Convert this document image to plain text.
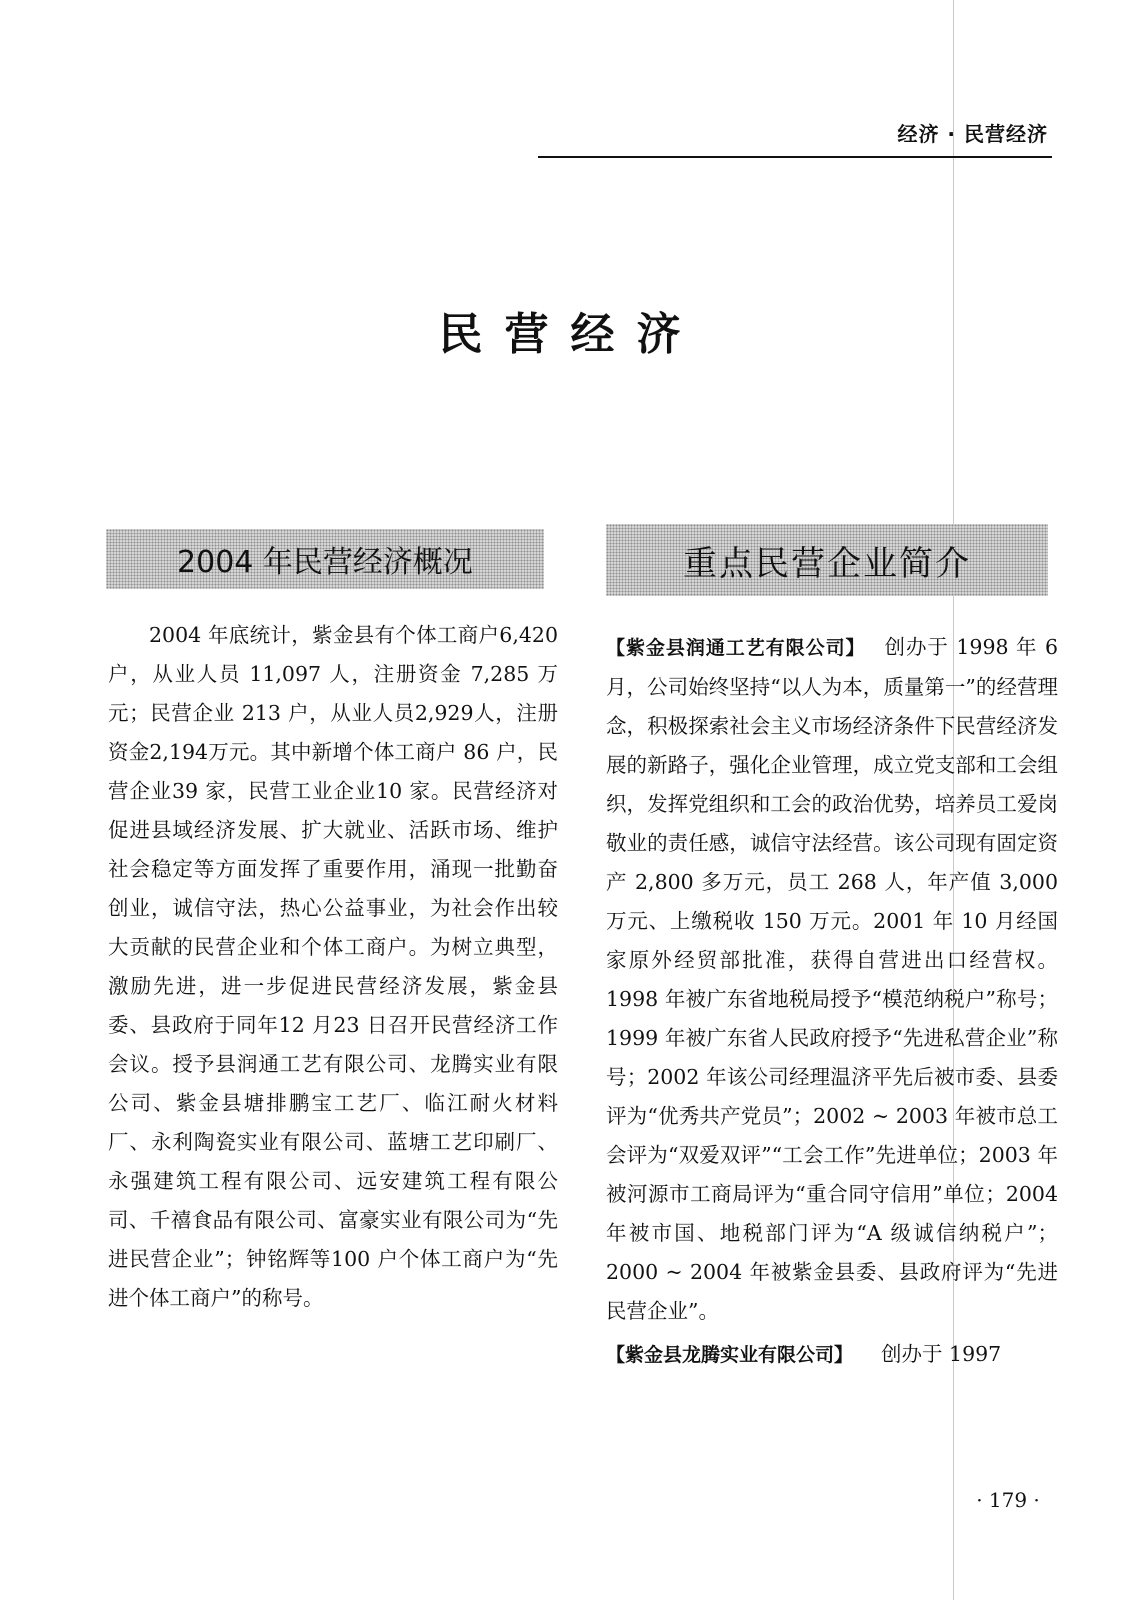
经济 · 民营经济
民营经济
2004 年民营经济概况	重点民营企业简介

2004 年底统计，紫金县有个体工商户6,420户，从业人员 11,097 人，注册资金 7,285 万元；民营企业 213 户，从业人员2,929人，注册资金2,194万元。其中新增个体工商户 86 户，民营企业39 家，民营工业企业10 家。民营经济对促进县域经济发展、扩大就业、活跃市场、维护社会稳定等方面发挥了重要作用，涌现一批勤奋创业，诚信守法，热心公益事业，为社会作出较大贡献的民营企业和个体工商户。为树立典型，激励先进，进一步促进民营经济发展，紫金县委、县政府于同年12 月23 日召开民营经济工作会议。授予县润通工艺有限公司、龙腾实业有限公司、紫金县塘排鹏宝工艺厂、临江耐火材料厂、永利陶瓷实业有限公司、蓝塘工艺印刷厂、永强建筑工程有限公司、远安建筑工程有限公司、千禧食品有限公司、富豪实业有限公司为“先进民营企业”；钟铭辉等100 户个体工商户为“先进个体工商户”的称号。

【紫金县润通工艺有限公司】 创办于 1998 年 6 月，公司始终坚持“以人为本，质量第一”的经营理念，积极探索社会主义市场经济条件下民营经济发展的新路子，强化企业管理，成立党支部和工会组织，发挥党组织和工会的政治优势，培养员工爱岗敬业的责任感，诚信守法经营。该公司现有固定资产 2,800 多万元，员工 268 人，年产值 3,000 万元、上缴税收 150 万元。2001 年 10 月经国家原外经贸部批准，获得自营进出口经营权。1998 年被广东省地税局授予“模范纳税户”称号；1999 年被广东省人民政府授予“先进私营企业”称号；2002 年该公司经理温济平先后被市委、县委评为“优秀共产党员”；2002 ~ 2003 年被市总工会评为“双爱双评”“工会工作”先进单位；2003 年被河源市工商局评为“重合同守信用”单位；2004年被市国、地税部门评为“A 级诚信纳税户”；2000 ~ 2004 年被紫金县委、县政府评为“先进民营企业”。

【紫金县龙腾实业有限公司】 创办于 1997

· 179 ·
